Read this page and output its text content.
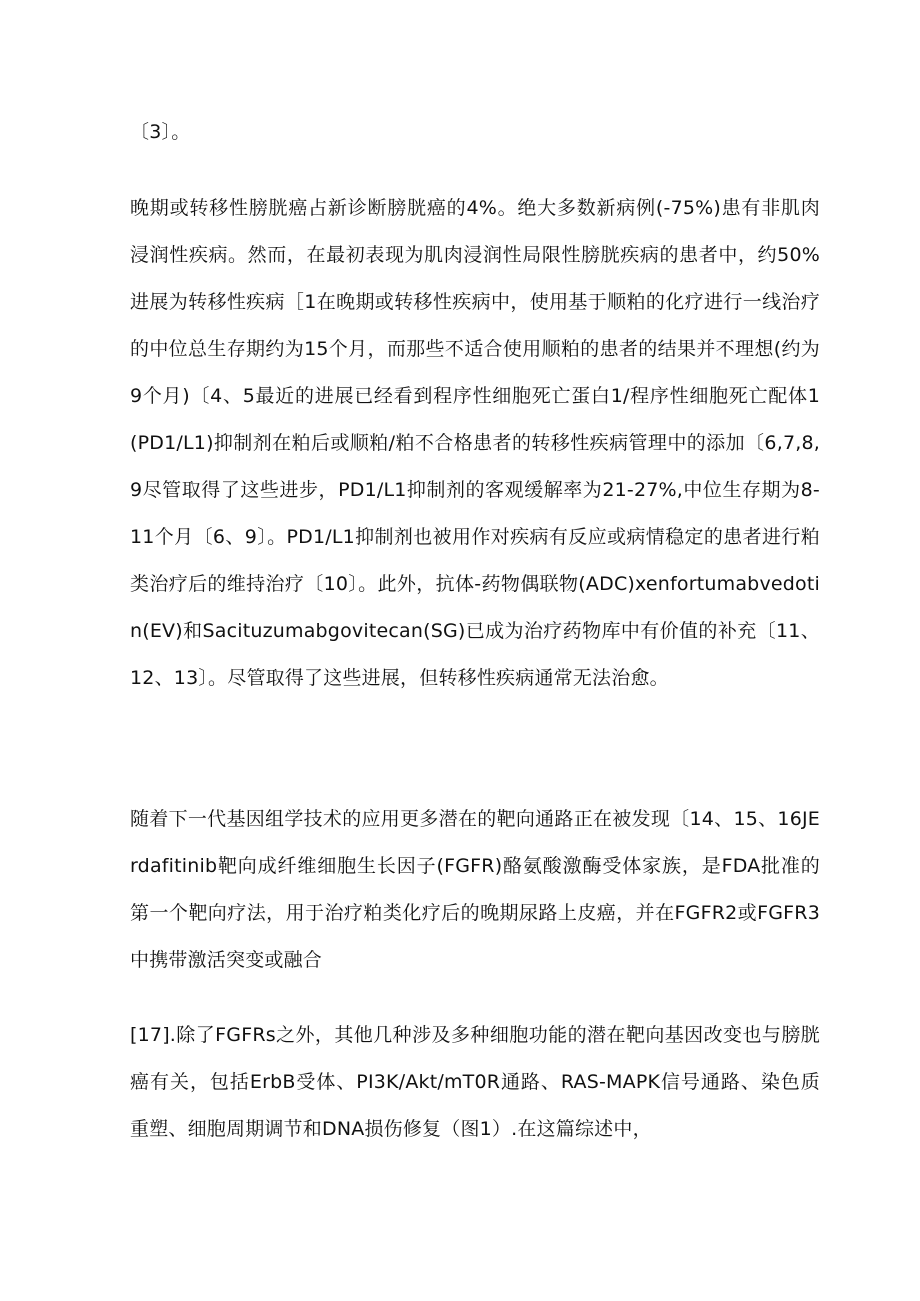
〔3〕。

晚期或转移性膀胱癌占新诊断膀胱癌的4%。绝大多数新病例(-75%)患有非肌肉浸润性疾病。然而，在最初表现为肌肉浸润性局限性膀胱疾病的患者中，约50%进展为转移性疾病［1在晚期或转移性疾病中，使用基于顺粕的化疗进行一线治疗的中位总生存期约为15个月，而那些不适合使用顺粕的患者的结果并不理想(约为9个月)〔4、5最近的进展已经看到程序性细胞死亡蛋白1/程序性细胞死亡配体1(PD1/L1)抑制剂在粕后或顺粕/粕不合格患者的转移性疾病管理中的添加〔6,7,8,9尽管取得了这些进步，PD1/L1抑制剂的客观缓解率为21-27%,中位生存期为8-11个月〔6、9〕。PD1/L1抑制剂也被用作对疾病有反应或病情稳定的患者进行粕类治疗后的维持治疗〔10〕。此外，抗体-药物偶联物(ADC)xenfortumabvedotin(EV)和Sacituzumabgovitecan(SG)已成为治疗药物库中有价值的补充〔11、12、13〕。尽管取得了这些进展，但转移性疾病通常无法治愈。

随着下一代基因组学技术的应用更多潜在的靶向通路正在被发现〔14、15、16JErdafitinib靶向成纤维细胞生长因子(FGFR)酪氨酸激酶受体家族，是FDA批准的第一个靶向疗法，用于治疗粕类化疗后的晚期尿路上皮癌，并在FGFR2或FGFR3中携带激活突变或融合

[17].除了FGFRs之外，其他几种涉及多种细胞功能的潜在靶向基因改变也与膀胱癌有关，包括ErbB受体、PI3K∕Akt∕mT0R通路、RAS-MAPK信号通路、染色质重塑、细胞周期调节和DNA损伤修复（图1）.在这篇综述中，
